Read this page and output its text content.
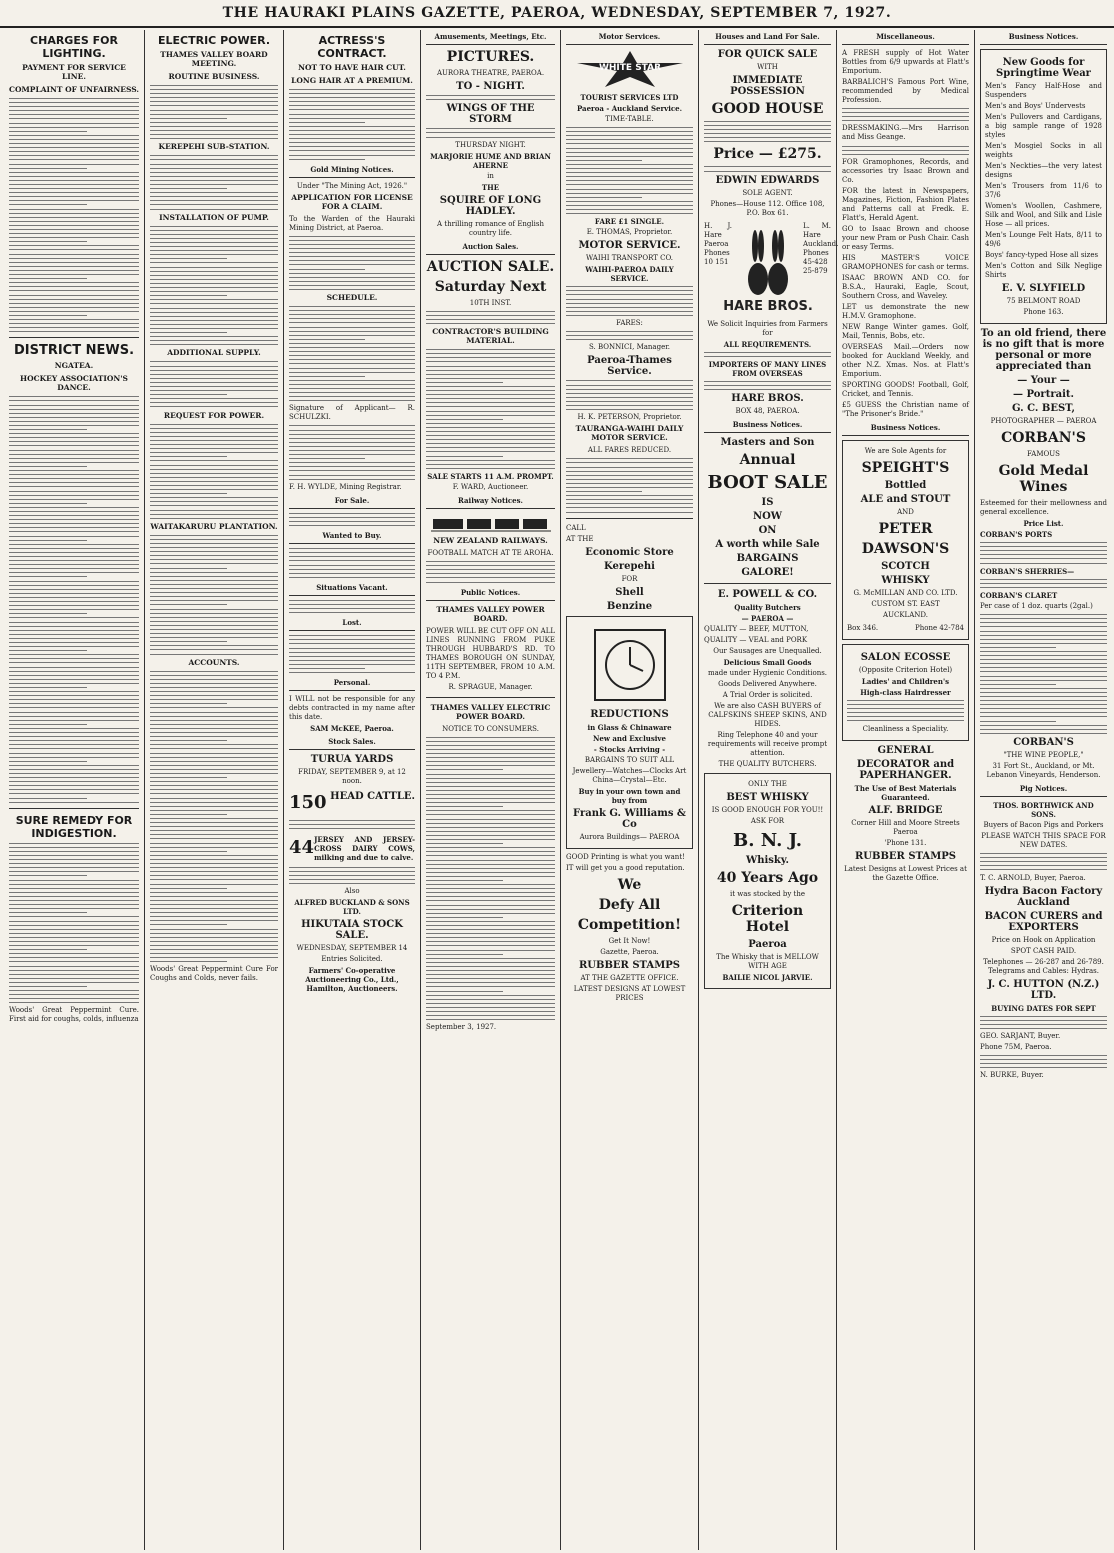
THE HAURAKI PLAINS GAZETTE, PAEROA, WEDNESDAY, SEPTEMBER 7, 1927.
CHARGES FOR LIGHTING.
PAYMENT FOR SERVICE LINE.
COMPLAINT OF UNFAIRNESS.
DISTRICT NEWS.
NGATEA.
HOCKEY ASSOCIATION'S DANCE.
SURE REMEDY FOR INDIGESTION.
Woods' Great Peppermint Cure. First aid for coughs, colds, influenza
ELECTRIC POWER.
THAMES VALLEY BOARD MEETING.
ROUTINE BUSINESS.
KEREPEHI SUB-STATION.
INSTALLATION OF PUMP.
ADDITIONAL SUPPLY.
REQUEST FOR POWER.
WAITAKARURU PLANTATION.
ACCOUNTS.
Woods' Great Peppermint Cure For Coughs and Colds, never fails.
ACTRESS'S CONTRACT.
NOT TO HAVE HAIR CUT.
LONG HAIR AT A PREMIUM.
Gold Mining Notices.
Under "The Mining Act, 1926."
APPLICATION FOR LICENSE FOR A CLAIM.
To the Warden of the Hauraki Mining District, at Paeroa.
SCHEDULE.
Signature of Applicant— R. SCHULZKI.
F. H. WYLDE, Mining Registrar.
For Sale.
Wanted to Buy.
Situations Vacant.
Lost.
Personal.
I WILL not be responsible for any debts contracted in my name after this date.
SAM McKEE, Paeroa.
Stock Sales.
TURUA YARDS
FRIDAY, SEPTEMBER 9, at 12 noon.
150 HEAD CATTLE.
44 JERSEY AND JERSEY-CROSS DAIRY COWS, milking and due to calve.
Also
ALFRED BUCKLAND & SONS LTD.
HIKUTAIA STOCK SALE.
WEDNESDAY, SEPTEMBER 14
Entries Solicited.
Farmers' Co-operative Auctioneering Co., Ltd., Hamilton, Auctioneers.
Amusements, Meetings, Etc.
PICTURES.
AURORA THEATRE, PAEROA.
TO - NIGHT.
WINGS OF THE STORM
THURSDAY NIGHT.
MARJORIE HUME AND BRIAN AHERNE
in
THE
SQUIRE OF LONG HADLEY.
A thrilling romance of English country life.
Auction Sales.
AUCTION SALE.
Saturday Next
10TH INST.
CONTRACTOR'S BUILDING MATERIAL.
SALE STARTS 11 A.M. PROMPT.
F. WARD, Auctioneer.
Railway Notices.
NEW ZEALAND RAILWAYS.
FOOTBALL MATCH AT TE AROHA.
Public Notices.
THAMES VALLEY POWER BOARD.
POWER WILL BE CUT OFF ON ALL LINES RUNNING FROM PUKE THROUGH HUBBARD'S RD. TO THAMES BOROUGH ON SUNDAY, 11TH SEPTEMBER, FROM 10 A.M. TO 4 P.M.
R. SPRAGUE, Manager.
THAMES VALLEY ELECTRIC POWER BOARD.
NOTICE TO CONSUMERS.
September 3, 1927.
Motor Services.
WHITE STAR
TOURIST SERVICES LTD
Paeroa - Auckland Service.
TIME-TABLE.
FARE £1 SINGLE.
E. THOMAS, Proprietor.
MOTOR SERVICE.
WAIHI TRANSPORT CO.
WAIHI-PAEROA DAILY SERVICE.
FARES:
S. BONNICI, Manager.
Paeroa-Thames Service.
H. K. PETERSON, Proprietor.
TAURANGA-WAIHI DAILY MOTOR SERVICE.
ALL FARES REDUCED.
CALL
AT THE
Economic Store
Kerepehi
FOR
Shell
Benzine
REDUCTIONS
in Glass & Chinaware
New and Exclusive
- Stocks Arriving -
BARGAINS TO SUIT ALL
Jewellery—Watches—Clocks Art China—Crystal—Etc.
Buy in your own town and buy from
Frank G. Williams & Co
Aurora Buildings— PAEROA
GOOD Printing is what you want!
IT will get you a good reputation.
We
Defy All
Competition!
Get It Now!
Gazette, Paeroa.
RUBBER STAMPS
AT THE GAZETTE OFFICE.
LATEST DESIGNS AT LOWEST PRICES
Houses and Land For Sale.
FOR QUICK SALE
WITH
IMMEDIATE POSSESSION
GOOD HOUSE
Price — £275.
EDWIN EDWARDS
SOLE AGENT.
Phones—House 112. Office 108, P.O. Box 61.
H. J. Hare Paeroa Phones 10 151
HARE BROS.
L. M. Hare Auckland. Phones 45-428 25-879
We Solicit Inquiries from Farmers for
ALL REQUIREMENTS.
IMPORTERS OF MANY LINES FROM OVERSEAS
HARE BROS.
BOX 48, PAEROA.
Business Notices.
Masters and Son
Annual
BOOT SALE
IS
NOW
ON
A worth while Sale
BARGAINS
GALORE!
E. POWELL & CO.
Quality Butchers
— PAEROA —
QUALITY — BEEF, MUTTON,
QUALITY — VEAL and PORK
Our Sausages are Unequalled.
Delicious Small Goods
made under Hygienic Conditions.
Goods Delivered Anywhere.
A Trial Order is solicited.
We are also CASH BUYERS of CALFSKINS SHEEP SKINS, AND HIDES.
Ring Telephone 40 and your requirements will receive prompt attention.
THE QUALITY BUTCHERS.
ONLY THE
BEST WHISKY
IS GOOD ENOUGH FOR YOU!!
ASK FOR
B. N. J.
Whisky.
40 Years Ago
it was stocked by the
Criterion Hotel
Paeroa
The Whisky that is MELLOW WITH AGE
BAILIE NICOL JARVIE.
Miscellaneous.
A FRESH supply of Hot Water Bottles from 6/9 upwards at Flatt's Emporium.
BARBALICH'S Famous Port Wine, recommended by Medical Profession.
DRESSMAKING.—Mrs Harrison and Miss Geange.
FOR Gramophones, Records, and accessories try Isaac Brown and Co.
FOR the latest in Newspapers, Magazines, Fiction, Fashion Plates and Patterns call at Fredk. E. Flatt's, Herald Agent.
GO to Isaac Brown and choose your new Pram or Push Chair. Cash or easy Terms.
HIS MASTER'S VOICE GRAMOPHONES for cash or terms.
ISAAC BROWN AND CO. for B.S.A., Hauraki, Eagle, Scout, Southern Cross, and Waveley.
LET us demonstrate the new H.M.V. Gramophone.
NEW Range Winter games. Golf, Mail, Tennis, Bobs, etc.
OVERSEAS Mail.—Orders now booked for Auckland Weekly, and other N.Z. Xmas. Nos. at Flatt's Emporium.
SPORTING GOODS! Football, Golf, Cricket, and Tennis.
£5 GUESS the Christian name of "The Prisoner's Bride."
Business Notices.
We are Sole Agents for
SPEIGHT'S
Bottled
ALE and STOUT
AND
PETER
DAWSON'S
SCOTCH
WHISKY
G. McMILLAN AND CO. LTD.
CUSTOM ST. EAST
AUCKLAND.
Box 346.	Phone 42-784
SALON ECOSSE
(Opposite Criterion Hotel)
Ladies' and Children's
High-class Hairdresser
Cleanliness a Speciality.
GENERAL
DECORATOR and PAPERHANGER.
The Use of Best Materials Guaranteed.
ALF. BRIDGE
Corner Hill and Moore Streets Paeroa
'Phone 131.
RUBBER STAMPS
Latest Designs at Lowest Prices at the Gazette Office.
Business Notices.
New Goods for Springtime Wear
Men's Fancy Half-Hose and Suspenders
Men's and Boys' Undervests
Men's Pullovers and Cardigans, a big sample range of 1928 styles
Men's Mosgiel Socks in all weights
Men's Neckties—the very latest designs
Men's Trousers from 11/6 to 37/6
Women's Woollen, Cashmere, Silk and Wool, and Silk and Lisle Hose — all prices.
Men's Lounge Felt Hats, 8/11 to 49/6
Boys' fancy-typed Hose all sizes
Men's Cotton and Silk Neglige Shirts
E. V. SLYFIELD
75 BELMONT ROAD
Phone 163.
To an old friend, there is no gift that is more personal or more appreciated than
— Your —
— Portrait.
G. C. BEST,
PHOTOGRAPHER — PAEROA
CORBAN'S
FAMOUS
Gold Medal Wines
Esteemed for their mellowness and general excellence.
Price List.
CORBAN'S PORTS
CORBAN'S SHERRIES—
CORBAN'S CLARET
Per case of 1 doz. quarts (2gal.)
CORBAN'S
"THE WINE PEOPLE,"
31 Fort St., Auckland, or Mt. Lebanon Vineyards, Henderson.
Pig Notices.
THOS. BORTHWICK AND SONS.
Buyers of Bacon Pigs and Porkers
PLEASE WATCH THIS SPACE FOR NEW DATES.
T. C. ARNOLD, Buyer, Paeroa.
Hydra Bacon Factory Auckland
BACON CURERS and EXPORTERS
Price on Hook on Application
SPOT CASH PAID.
Telephones — 26-287 and 26-789. Telegrams and Cables: Hydras.
J. C. HUTTON (N.Z.) LTD.
BUYING DATES FOR SEPT
GEO. SARJANT, Buyer.
Phone 75M, Paeroa.
N. BURKE, Buyer.
